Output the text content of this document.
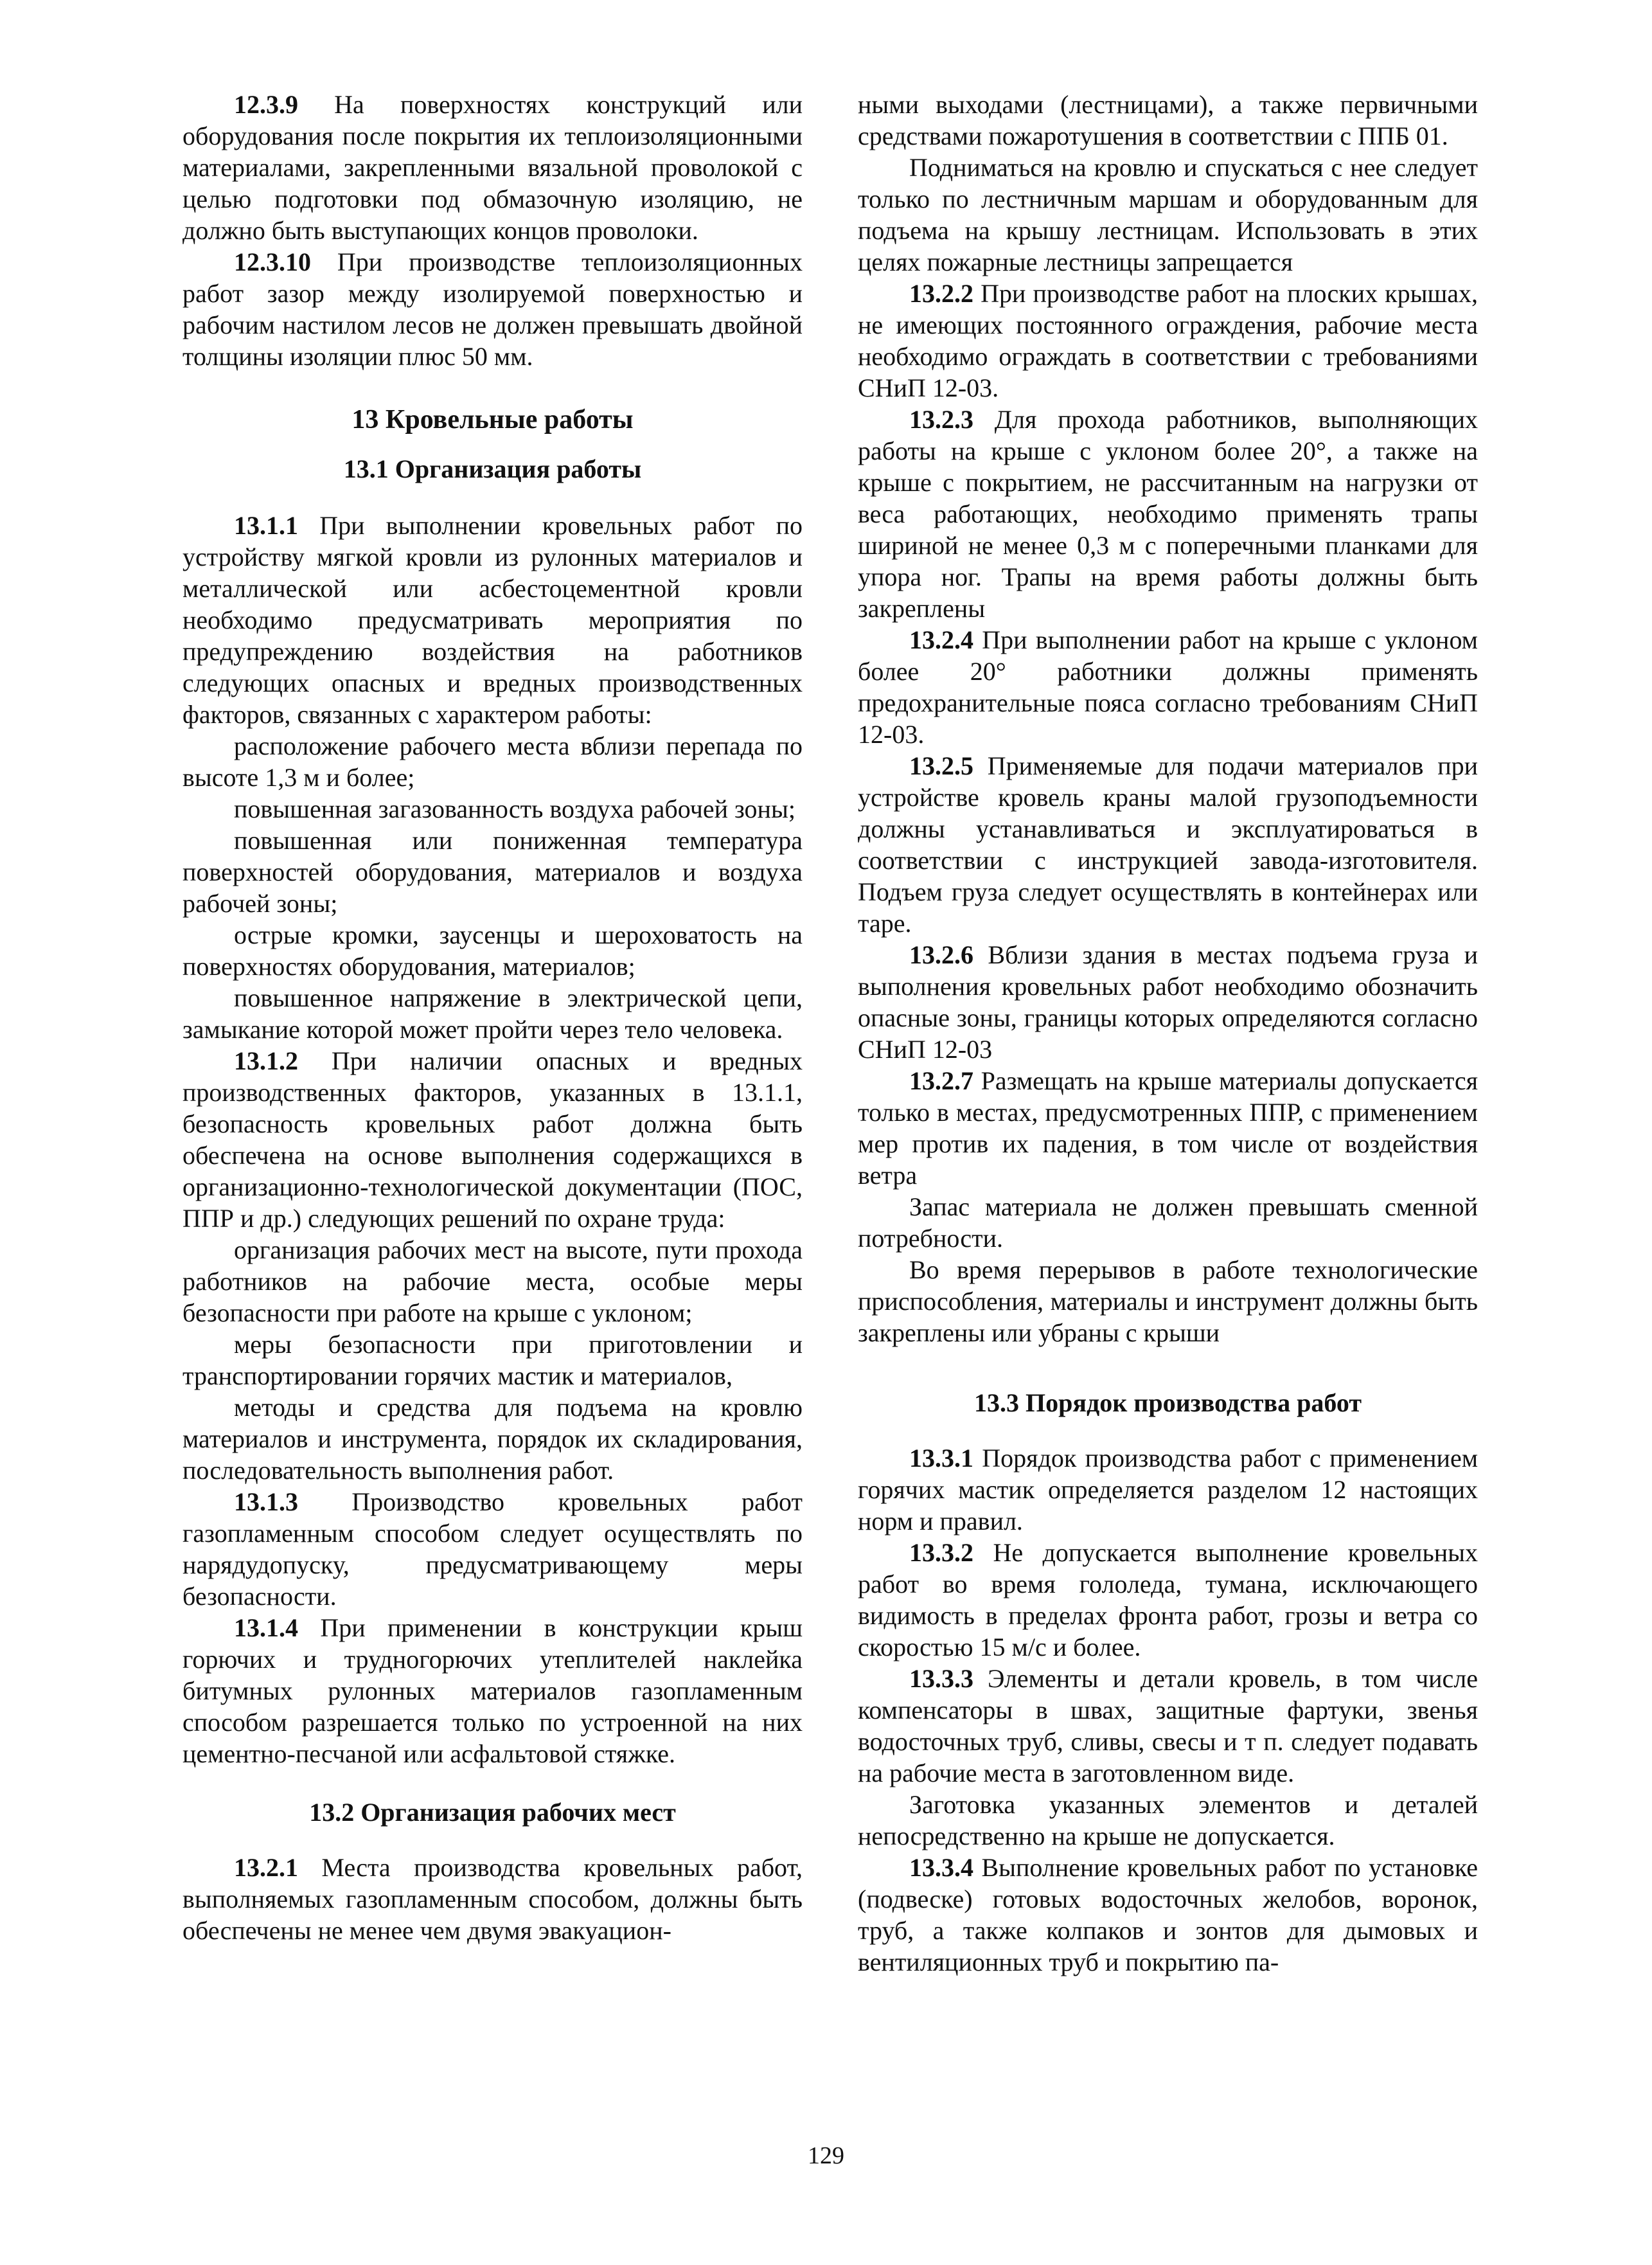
12.3.9 На поверхностях конструкций или оборудования после покрытия их теплоизоляционными материалами, закрепленными вязальной проволокой с целью подготовки под обмазочную изоляцию, не должно быть выступающих концов проволоки.

12.3.10 При производстве теплоизоляционных работ зазор между изолируемой поверхностью и рабочим настилом лесов не должен превышать двойной толщины изоляции плюс 50 мм.

13 Кровельные работы
13.1 Организация работы

13.1.1 При выполнении кровельных работ по устройству мягкой кровли из рулонных материалов и металлической или асбестоцементной кровли необходимо предусматривать мероприятия по предупреждению воздействия на работников следующих опасных и вредных производственных факторов, связанных с характером работы:

расположение рабочего места вблизи перепада по высоте 1,3 м и более;

повышенная загазованность воздуха рабочей зоны;

повышенная или пониженная температура поверхностей оборудования, материалов и воздуха рабочей зоны;

острые кромки, заусенцы и шероховатость на поверхностях оборудования, материалов;

повышенное напряжение в электрической цепи, замыкание которой может пройти через тело человека.

13.1.2 При наличии опасных и вредных производственных факторов, указанных в 13.1.1, безопасность кровельных работ должна быть обеспечена на основе выполнения содержащихся в организационно-технологической документации (ПОС, ППР и др.) следующих решений по охране труда:

организация рабочих мест на высоте, пути прохода работников на рабочие места, особые меры безопасности при работе на крыше с уклоном;

меры безопасности при приготовлении и транспортировании горячих мастик и материалов,

методы и средства для подъема на кровлю материалов и инструмента, порядок их складирования, последовательность выполнения работ.

13.1.3 Производство кровельных работ газопламенным способом следует осуществлять по нарядудопуску, предусматривающему меры безопасности.

13.1.4 При применении в конструкции крыш горючих и трудногорючих утеплителей наклейка битумных рулонных материалов газопламенным способом разрешается только по устроенной на них цементно-песчаной или асфальтовой стяжке.

13.2 Организация рабочих мест

13.2.1 Места производства кровельных работ, выполняемых газопламенным способом, должны быть обеспечены не менее чем двумя эвакуацион-

ными выходами (лестницами), а также первичными средствами пожаротушения в соответствии с ППБ 01.

Подниматься на кровлю и спускаться с нее следует только по лестничным маршам и оборудованным для подъема на крышу лестницам. Использовать в этих целях пожарные лестницы запрещается

13.2.2 При производстве работ на плоских крышах, не имеющих постоянного ограждения, рабочие места необходимо ограждать в соответствии с требованиями СНиП 12-03.

13.2.3 Для прохода работников, выполняющих работы на крыше с уклоном более 20°, а также на крыше с покрытием, не рассчитанным на нагрузки от веса работающих, необходимо применять трапы шириной не менее 0,3 м с поперечными планками для упора ног. Трапы на время работы должны быть закреплены

13.2.4 При выполнении работ на крыше с уклоном более 20° работники должны применять предохранительные пояса согласно требованиям СНиП 12-03.

13.2.5 Применяемые для подачи материалов при устройстве кровель краны малой грузоподъемности должны устанавливаться и эксплуатироваться в соответствии с инструкцией завода-изготовителя. Подъем груза следует осуществлять в контейнерах или таре.

13.2.6 Вблизи здания в местах подъема груза и выполнения кровельных работ необходимо обозначить опасные зоны, границы которых определяются согласно СНиП 12-03

13.2.7 Размещать на крыше материалы допускается только в местах, предусмотренных ППР, с применением мер против их падения, в том числе от воздействия ветра

Запас материала не должен превышать сменной потребности.

Во время перерывов в работе технологические приспособления, материалы и инструмент должны быть закреплены или убраны с крыши

13.3 Порядок производства работ

13.3.1 Порядок производства работ с применением горячих мастик определяется разделом 12 настоящих норм и правил.

13.3.2 Не допускается выполнение кровельных работ во время гололеда, тумана, исключающего видимость в пределах фронта работ, грозы и ветра со скоростью 15 м/с и более.

13.3.3 Элементы и детали кровель, в том числе компенсаторы в швах, защитные фартуки, звенья водосточных труб, сливы, свесы и т п. следует подавать на рабочие места в заготовленном виде.

Заготовка указанных элементов и деталей непосредственно на крыше не допускается.

13.3.4 Выполнение кровельных работ по установке (подвеске) готовых водосточных желобов, воронок, труб, а также колпаков и зонтов для дымовых и вентиляционных труб и покрытию па-

129
